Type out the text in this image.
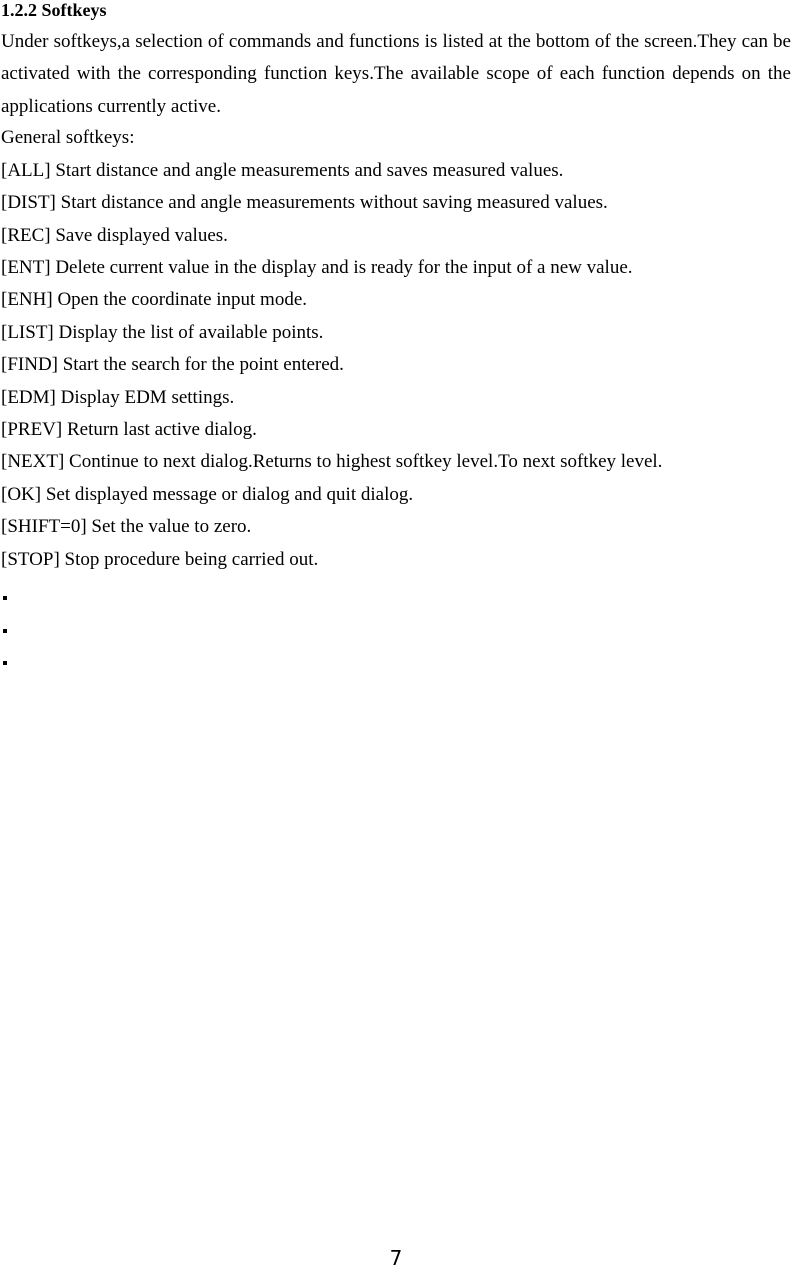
1.2.2 Softkeys
Under softkeys,a selection of commands and functions is listed at the bottom of the screen.They can be activated with the corresponding function keys.The available scope of each function depends on the applications currently active.
General softkeys:
[ALL] Start distance and angle measurements and saves measured values.
[DIST] Start distance and angle measurements without saving measured values.
[REC] Save displayed values.
[ENT] Delete current value in the display and is ready for the input of a new value.
[ENH] Open the coordinate input mode.
[LIST] Display the list of available points.
[FIND] Start the search for the point entered.
[EDM] Display EDM settings.
[PREV] Return last active dialog.
[NEXT] Continue to next dialog.Returns to highest softkey level.To next softkey level.
[OK] Set displayed message or dialog and quit dialog.
[SHIFT=0] Set the value to zero.
[STOP] Stop procedure being carried out.
7
